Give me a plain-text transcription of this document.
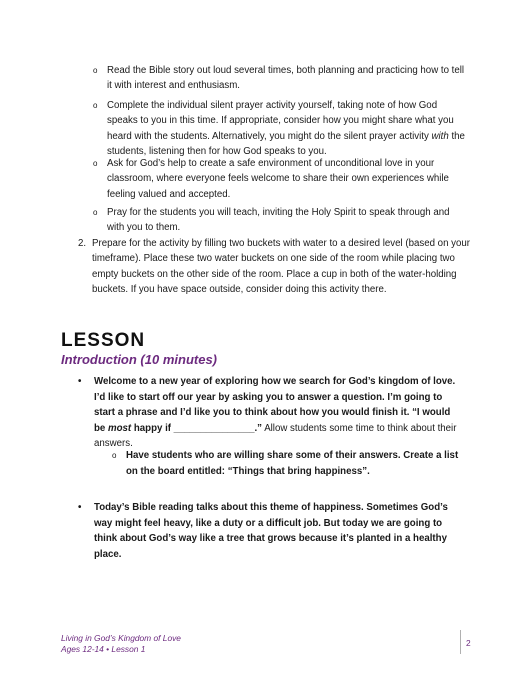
o Read the Bible story out loud several times, both planning and practicing how to tell it with interest and enthusiasm.
o Complete the individual silent prayer activity yourself, taking note of how God speaks to you in this time. If appropriate, consider how you might share what you heard with the students. Alternatively, you might do the silent prayer activity with the students, listening then for how God speaks to you.
o Ask for God’s help to create a safe environment of unconditional love in your classroom, where everyone feels welcome to share their own experiences while feeling valued and accepted.
o Pray for the students you will teach, inviting the Holy Spirit to speak through and with you to them.
2. Prepare for the activity by filling two buckets with water to a desired level (based on your timeframe). Place these two water buckets on one side of the room while placing two empty buckets on the other side of the room. Place a cup in both of the water-holding buckets. If you have space outside, consider doing this activity there.
LESSON
Introduction (10 minutes)
• Welcome to a new year of exploring how we search for God’s kingdom of love. I’d like to start off our year by asking you to answer a question. I’m going to start a phrase and I’d like you to think about how you would finish it. “I would be most happy if _______________.” Allow students some time to think about their answers.
o Have students who are willing share some of their answers. Create a list on the board entitled: “Things that bring happiness”.
• Today’s Bible reading talks about this theme of happiness. Sometimes God’s way might feel heavy, like a duty or a difficult job. But today we are going to think about God’s way like a tree that grows because it’s planted in a healthy place.
Living in God’s Kingdom of Love
Ages 12-14 • Lesson 1
2
